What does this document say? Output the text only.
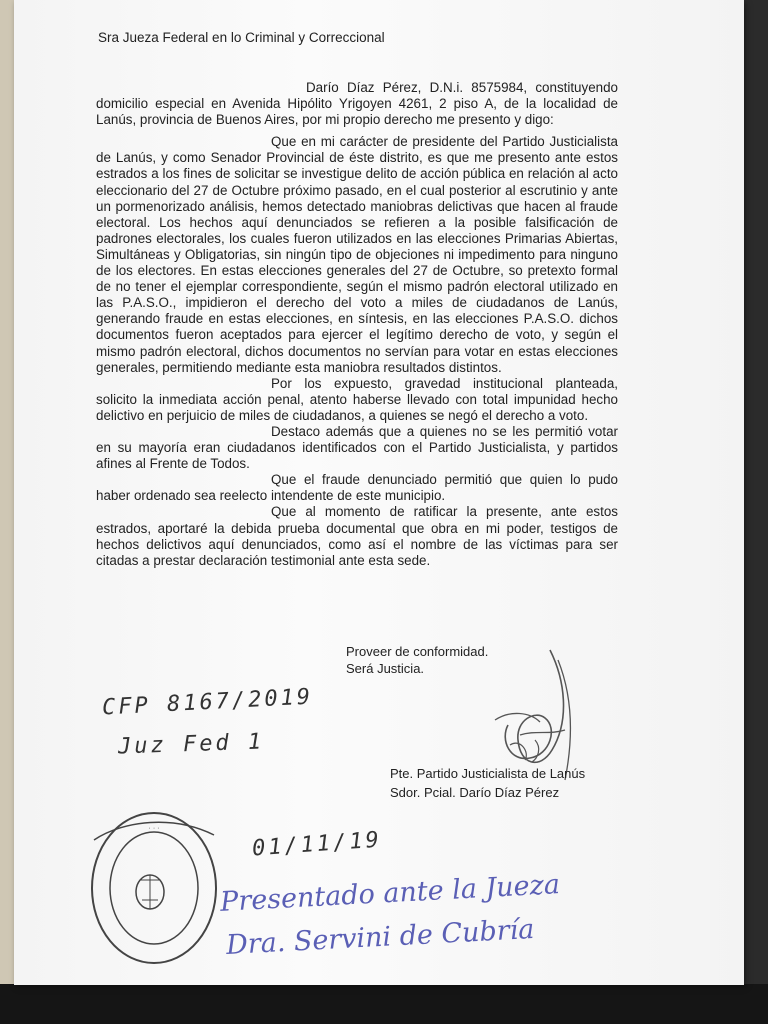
Sra Jueza Federal en lo Criminal y Correccional

Darío Díaz Pérez, D.N.i. 8575984, constituyendo domicilio especial en Avenida Hipólito Yrigoyen 4261, 2 piso A, de la localidad de Lanús, provincia de Buenos Aires, por mi propio derecho me presento y digo:

Que en mi carácter de presidente del Partido Justicialista de Lanús, y como Senador Provincial de éste distrito, es que me presento ante estos estrados a los fines de solicitar se investigue delito de acción pública en relación al acto eleccionario del 27 de Octubre próximo pasado, en el cual posterior al escrutinio y ante un pormenorizado análisis, hemos detectado maniobras delictivas que hacen al fraude electoral. Los hechos aquí denunciados se refieren a la posible falsificación de padrones electorales, los cuales fueron utilizados en las elecciones Primarias Abiertas, Simultáneas y Obligatorias, sin ningún tipo de objeciones ni impedimento para ninguno de los electores. En estas elecciones generales del 27 de Octubre, so pretexto formal de no tener el ejemplar correspondiente, según el mismo padrón electoral utilizado en las P.A.S.O., impidieron el derecho del voto a miles de ciudadanos de Lanús, generando fraude en estas elecciones, en síntesis, en las elecciones P.A.S.O. dichos documentos fueron aceptados para ejercer el legítimo derecho de voto, y según el mismo padrón electoral, dichos documentos no servían para votar en estas elecciones generales, permitiendo mediante esta maniobra resultados distintos.

Por los expuesto, gravedad institucional planteada, solicito la inmediata acción penal, atento haberse llevado con total impunidad hecho delictivo en perjuicio de miles de ciudadanos, a quienes se negó el derecho a voto.

Destaco además que a quienes no se les permitió votar en su mayoría eran ciudadanos identificados con el Partido Justicialista, y partidos afines al Frente de Todos.

Que el fraude denunciado permitió que quien lo pudo haber ordenado sea reelecto intendente de este municipio.

Que al momento de ratificar la presente, ante estos estrados, aportaré la debida prueba documental que obra en mi poder, testigos de hechos delictivos aquí denunciados, como así el nombre de las víctimas para ser citadas a prestar declaración testimonial ante esta sede.

Proveer de conformidad.
Será Justicia.
Pte. Partido Justicialista de Lanús
Sdor. Pcial. Darío Díaz Pérez
CFP 8167/2019
Juz Fed 1
01/11/19
· · ·
Presentado ante la Jueza
Dra. Servini de Cubría
